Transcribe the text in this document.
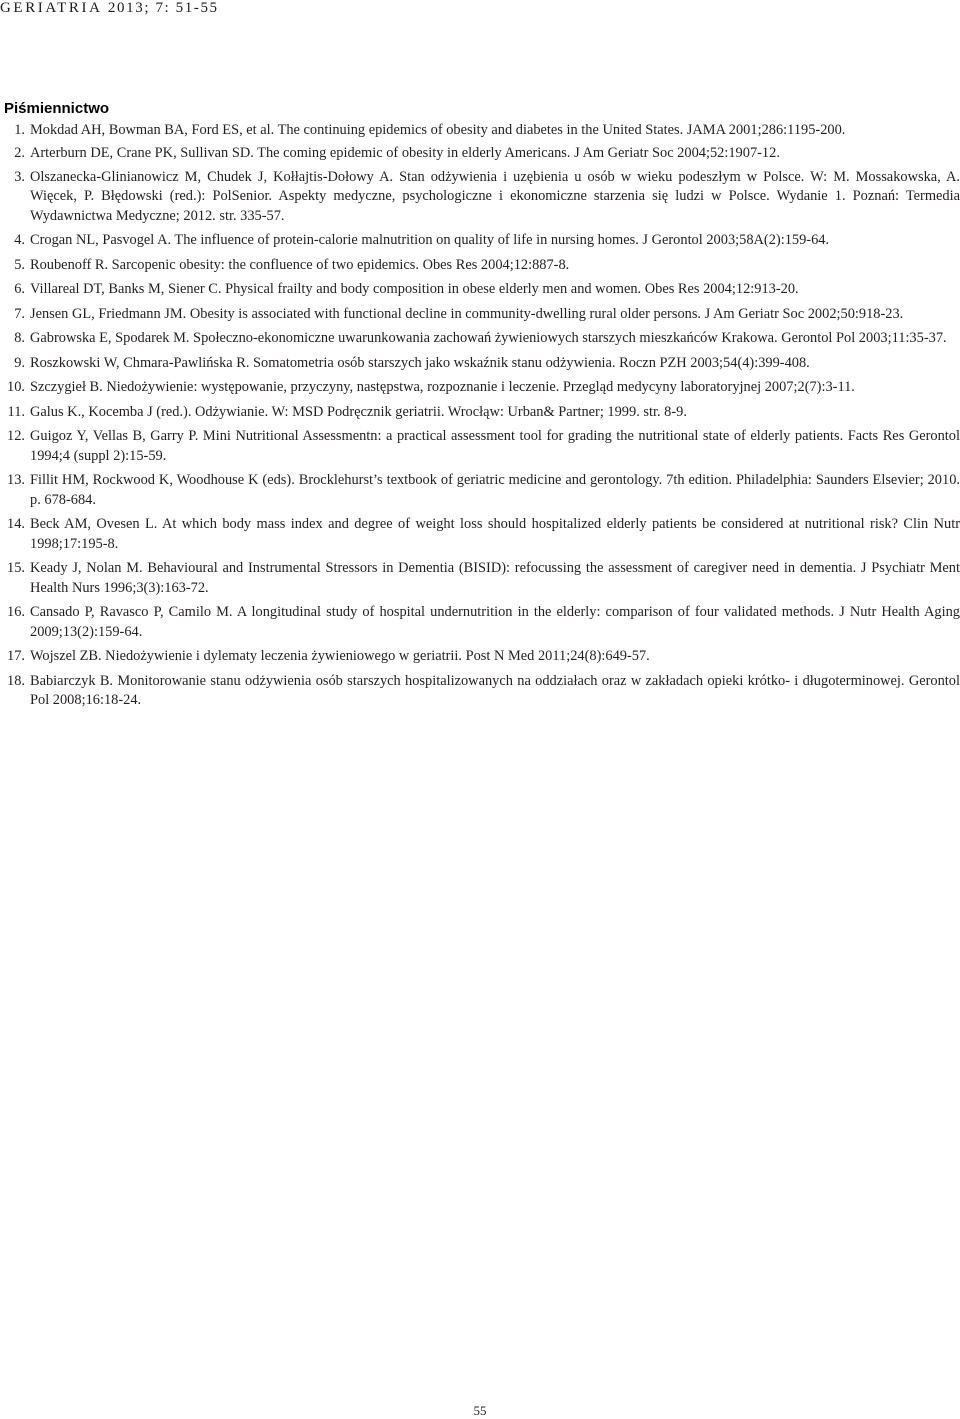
GERIATRIA 2013; 7: 51-55
Piśmiennictwo
1. Mokdad AH, Bowman BA, Ford ES, et al. The continuing epidemics of obesity and diabetes in the United States. JAMA 2001;286:1195-200.
2. Arterburn DE, Crane PK, Sullivan SD. The coming epidemic of obesity in elderly Americans. J Am Geriatr Soc 2004;52:1907-12.
3. Olszanecka-Glinianowicz M, Chudek J, Kołłajtis-Dołowy A. Stan odżywienia i uzębienia u osób w wieku podeszłym w Polsce. W: M. Mossakowska, A. Więcek, P. Błędowski (red.): PolSenior. Aspekty medyczne, psychologiczne i ekonomiczne starzenia się ludzi w Polsce. Wydanie 1. Poznań: Termedia Wydawnictwa Medyczne; 2012. str. 335-57.
4. Crogan NL, Pasvogel A. The influence of protein-calorie malnutrition on quality of life in nursing homes. J Gerontol 2003;58A(2):159-64.
5. Roubenoff R. Sarcopenic obesity: the confluence of two epidemics. Obes Res 2004;12:887-8.
6. Villareal DT, Banks M, Siener C. Physical frailty and body composition in obese elderly men and women. Obes Res 2004;12:913-20.
7. Jensen GL, Friedmann JM. Obesity is associated with functional decline in community-dwelling rural older persons. J Am Geriatr Soc 2002;50:918-23.
8. Gabrowska E, Spodarek M. Społeczno-ekonomiczne uwarunkowania zachowań żywieniowych starszych mieszkańców Krakowa. Gerontol Pol 2003;11:35-37.
9. Roszkowski W, Chmara-Pawlińska R. Somatometria osób starszych jako wskaźnik stanu odżywienia. Roczn PZH 2003;54(4):399-408.
10. Szczygieł B. Niedożywienie: występowanie, przyczyny, następstwa, rozpoznanie i leczenie. Przegląd medycyny laboratoryjnej 2007;2(7):3-11.
11. Galus K., Kocemba J (red.). Odżywianie. W: MSD Podręcznik geriatrii. Wrocłąw: Urban& Partner; 1999. str. 8-9.
12. Guigoz Y, Vellas B, Garry P. Mini Nutritional Assessmentn: a practical assessment tool for grading the nutritional state of elderly patients. Facts Res Gerontol 1994;4 (suppl 2):15-59.
13. Fillit HM, Rockwood K, Woodhouse K (eds). Brocklehurst’s textbook of geriatric medicine and gerontology. 7th edition. Philadelphia: Saunders Elsevier; 2010. p. 678-684.
14. Beck AM, Ovesen L. At which body mass index and degree of weight loss should hospitalized elderly patients be considered at nutritional risk? Clin Nutr 1998;17:195-8.
15. Keady J, Nolan M. Behavioural and Instrumental Stressors in Dementia (BISID): refocussing the assessment of caregiver need in dementia. J Psychiatr Ment Health Nurs 1996;3(3):163-72.
16. Cansado P, Ravasco P, Camilo M. A longitudinal study of hospital undernutrition in the elderly: comparison of four validated methods. J Nutr Health Aging 2009;13(2):159-64.
17. Wojszel ZB. Niedożywienie i dylematy leczenia żywieniowego w geriatrii. Post N Med 2011;24(8):649-57.
18. Babiarczyk B. Monitorowanie stanu odżywienia osób starszych hospitalizowanych na oddziałach oraz w zakładach opieki krótko- i długoterminowej. Gerontol Pol 2008;16:18-24.
55
